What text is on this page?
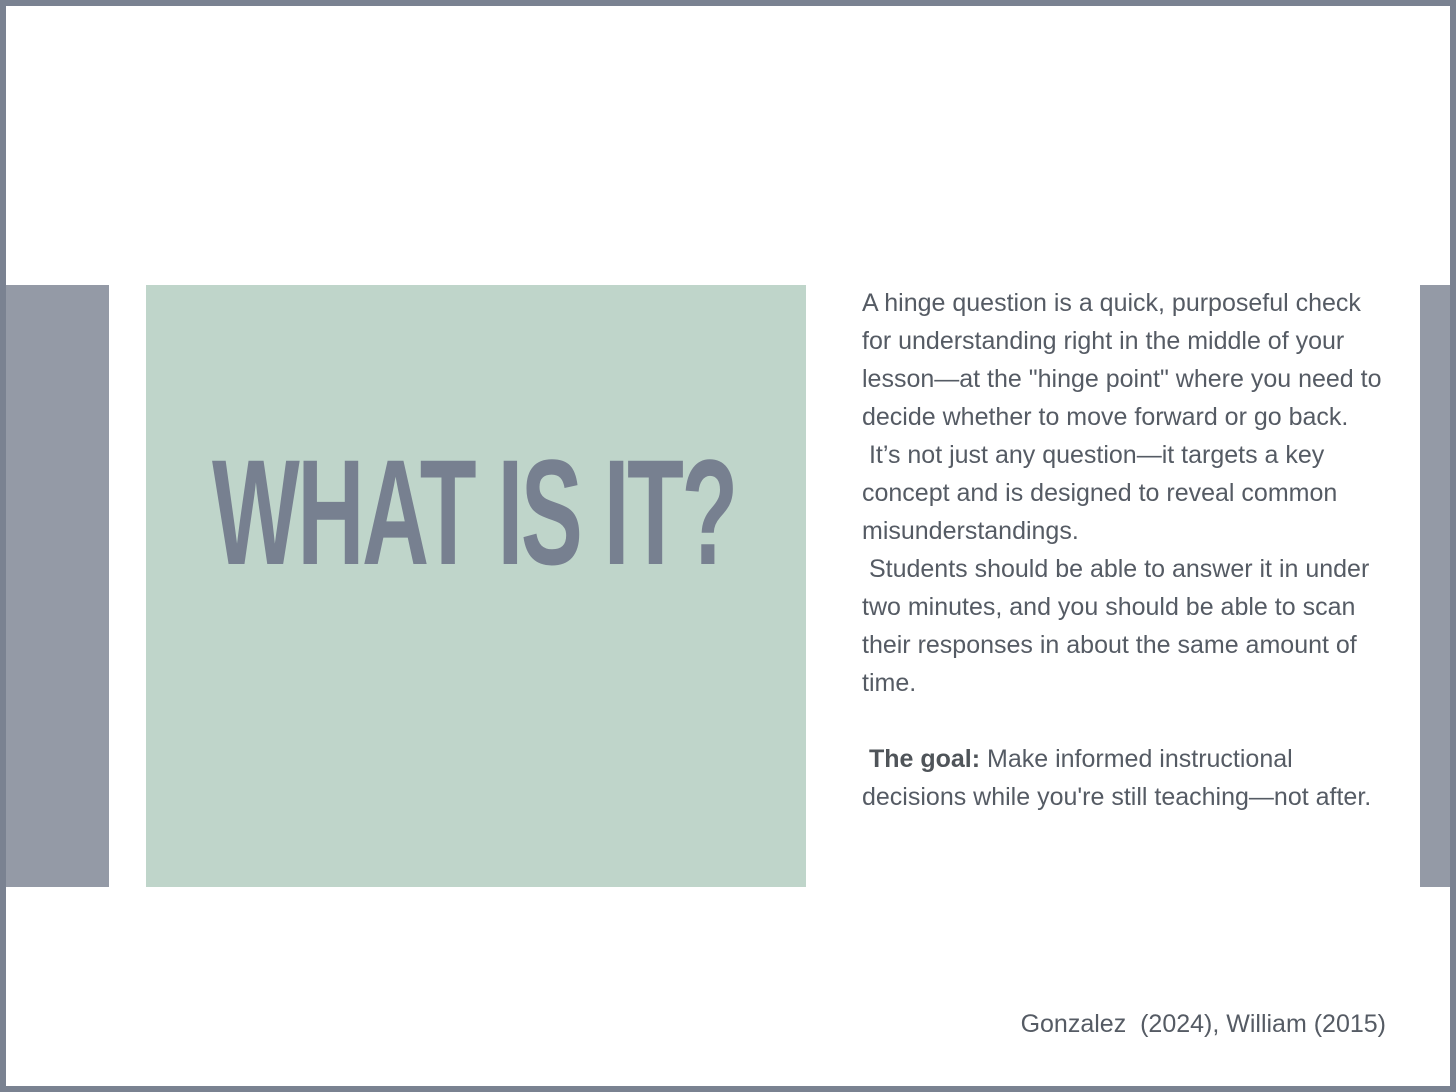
WHAT IS IT?

A hinge question is a quick, purposeful check for understanding right in the middle of your lesson—at the "hinge point" where you need to decide whether to move forward or go back.

It’s not just any question—it targets a key concept and is designed to reveal common misunderstandings.

Students should be able to answer it in under two minutes, and you should be able to scan their responses in about the same amount of time.

The goal: Make informed instructional decisions while you're still teaching—not after.

Gonzalez  (2024), William (2015)
